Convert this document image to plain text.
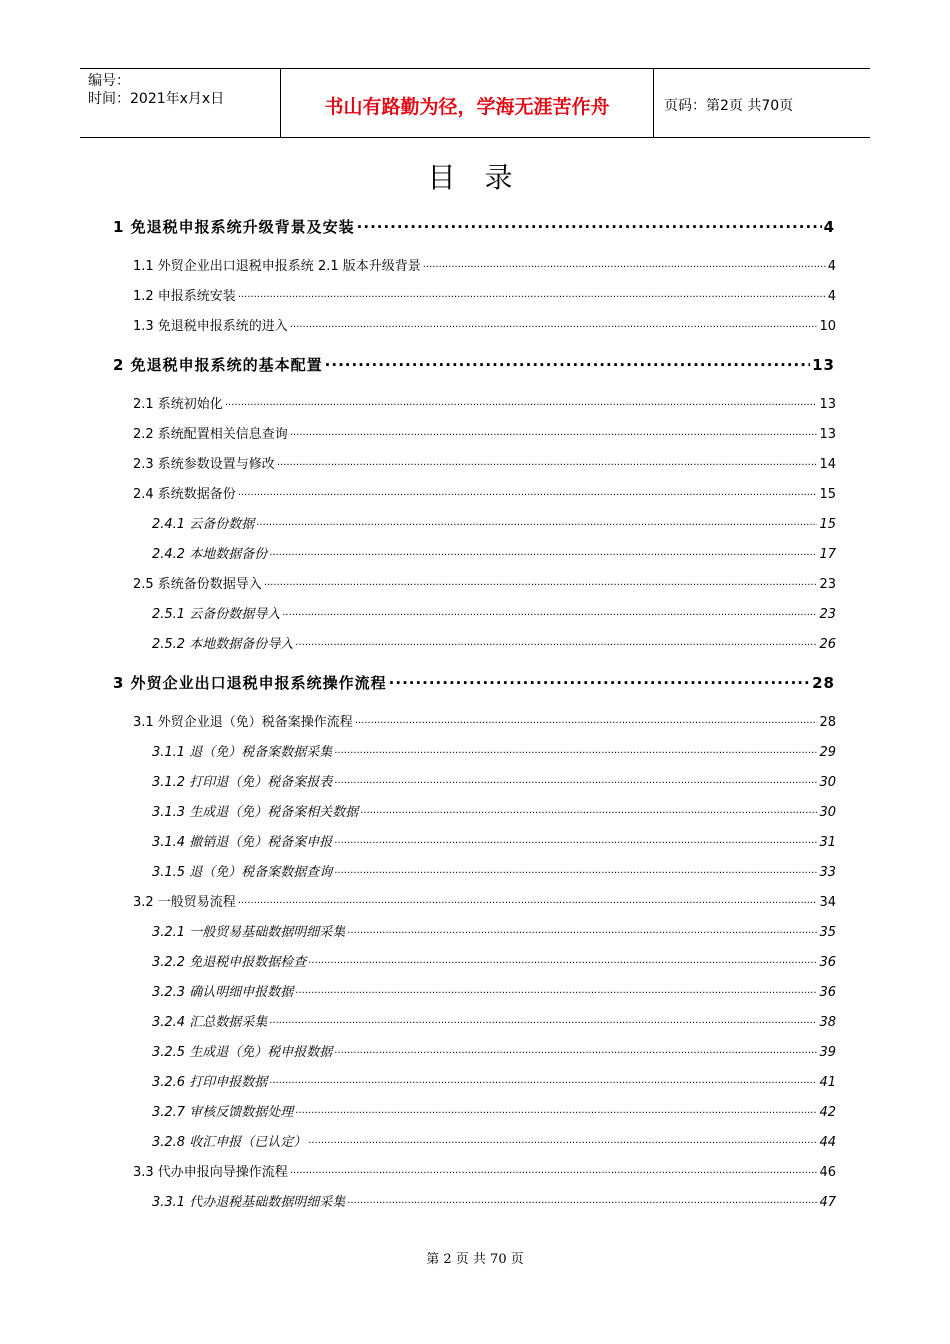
编号：
时间：2021年x月x日	书山有路勤为径，学海无涯苦作舟	页码：第2页 共70页
目 录
1 免退税申报系统升级背景及安装 .....	4
1.1 外贸企业出口退税申报系统 2.1 版本升级背景 .....	4
1.2 申报系统安装 .....	4
1.3 免退税申报系统的进入 .....	10
2 免退税申报系统的基本配置 .....	13
2.1 系统初始化 .....	13
2.2 系统配置相关信息查询 .....	13
2.3 系统参数设置与修改 .....	14
2.4 系统数据备份 .....	15
2.4.1 云备份数据 .....	15
2.4.2 本地数据备份 .....	17
2.5 系统备份数据导入 .....	23
2.5.1 云备份数据导入 .....	23
2.5.2 本地数据备份导入 .....	26
3 外贸企业出口退税申报系统操作流程 .....	28
3.1 外贸企业退（免）税备案操作流程 .....	28
3.1.1 退（免）税备案数据采集 .....	29
3.1.2 打印退（免）税备案报表 .....	30
3.1.3 生成退（免）税备案相关数据 .....	30
3.1.4 撤销退（免）税备案申报 .....	31
3.1.5 退（免）税备案数据查询 .....	33
3.2 一般贸易流程 .....	34
3.2.1 一般贸易基础数据明细采集 .....	35
3.2.2 免退税申报数据检查 .....	36
3.2.3 确认明细申报数据 .....	36
3.2.4 汇总数据采集 .....	38
3.2.5 生成退（免）税申报数据 .....	39
3.2.6 打印申报数据 .....	41
3.2.7 审核反馈数据处理 .....	42
3.2.8 收汇申报（已认定） .....	44
3.3 代办申报向导操作流程 .....	46
3.3.1 代办退税基础数据明细采集 .....	47
第 2 页 共 70 页
